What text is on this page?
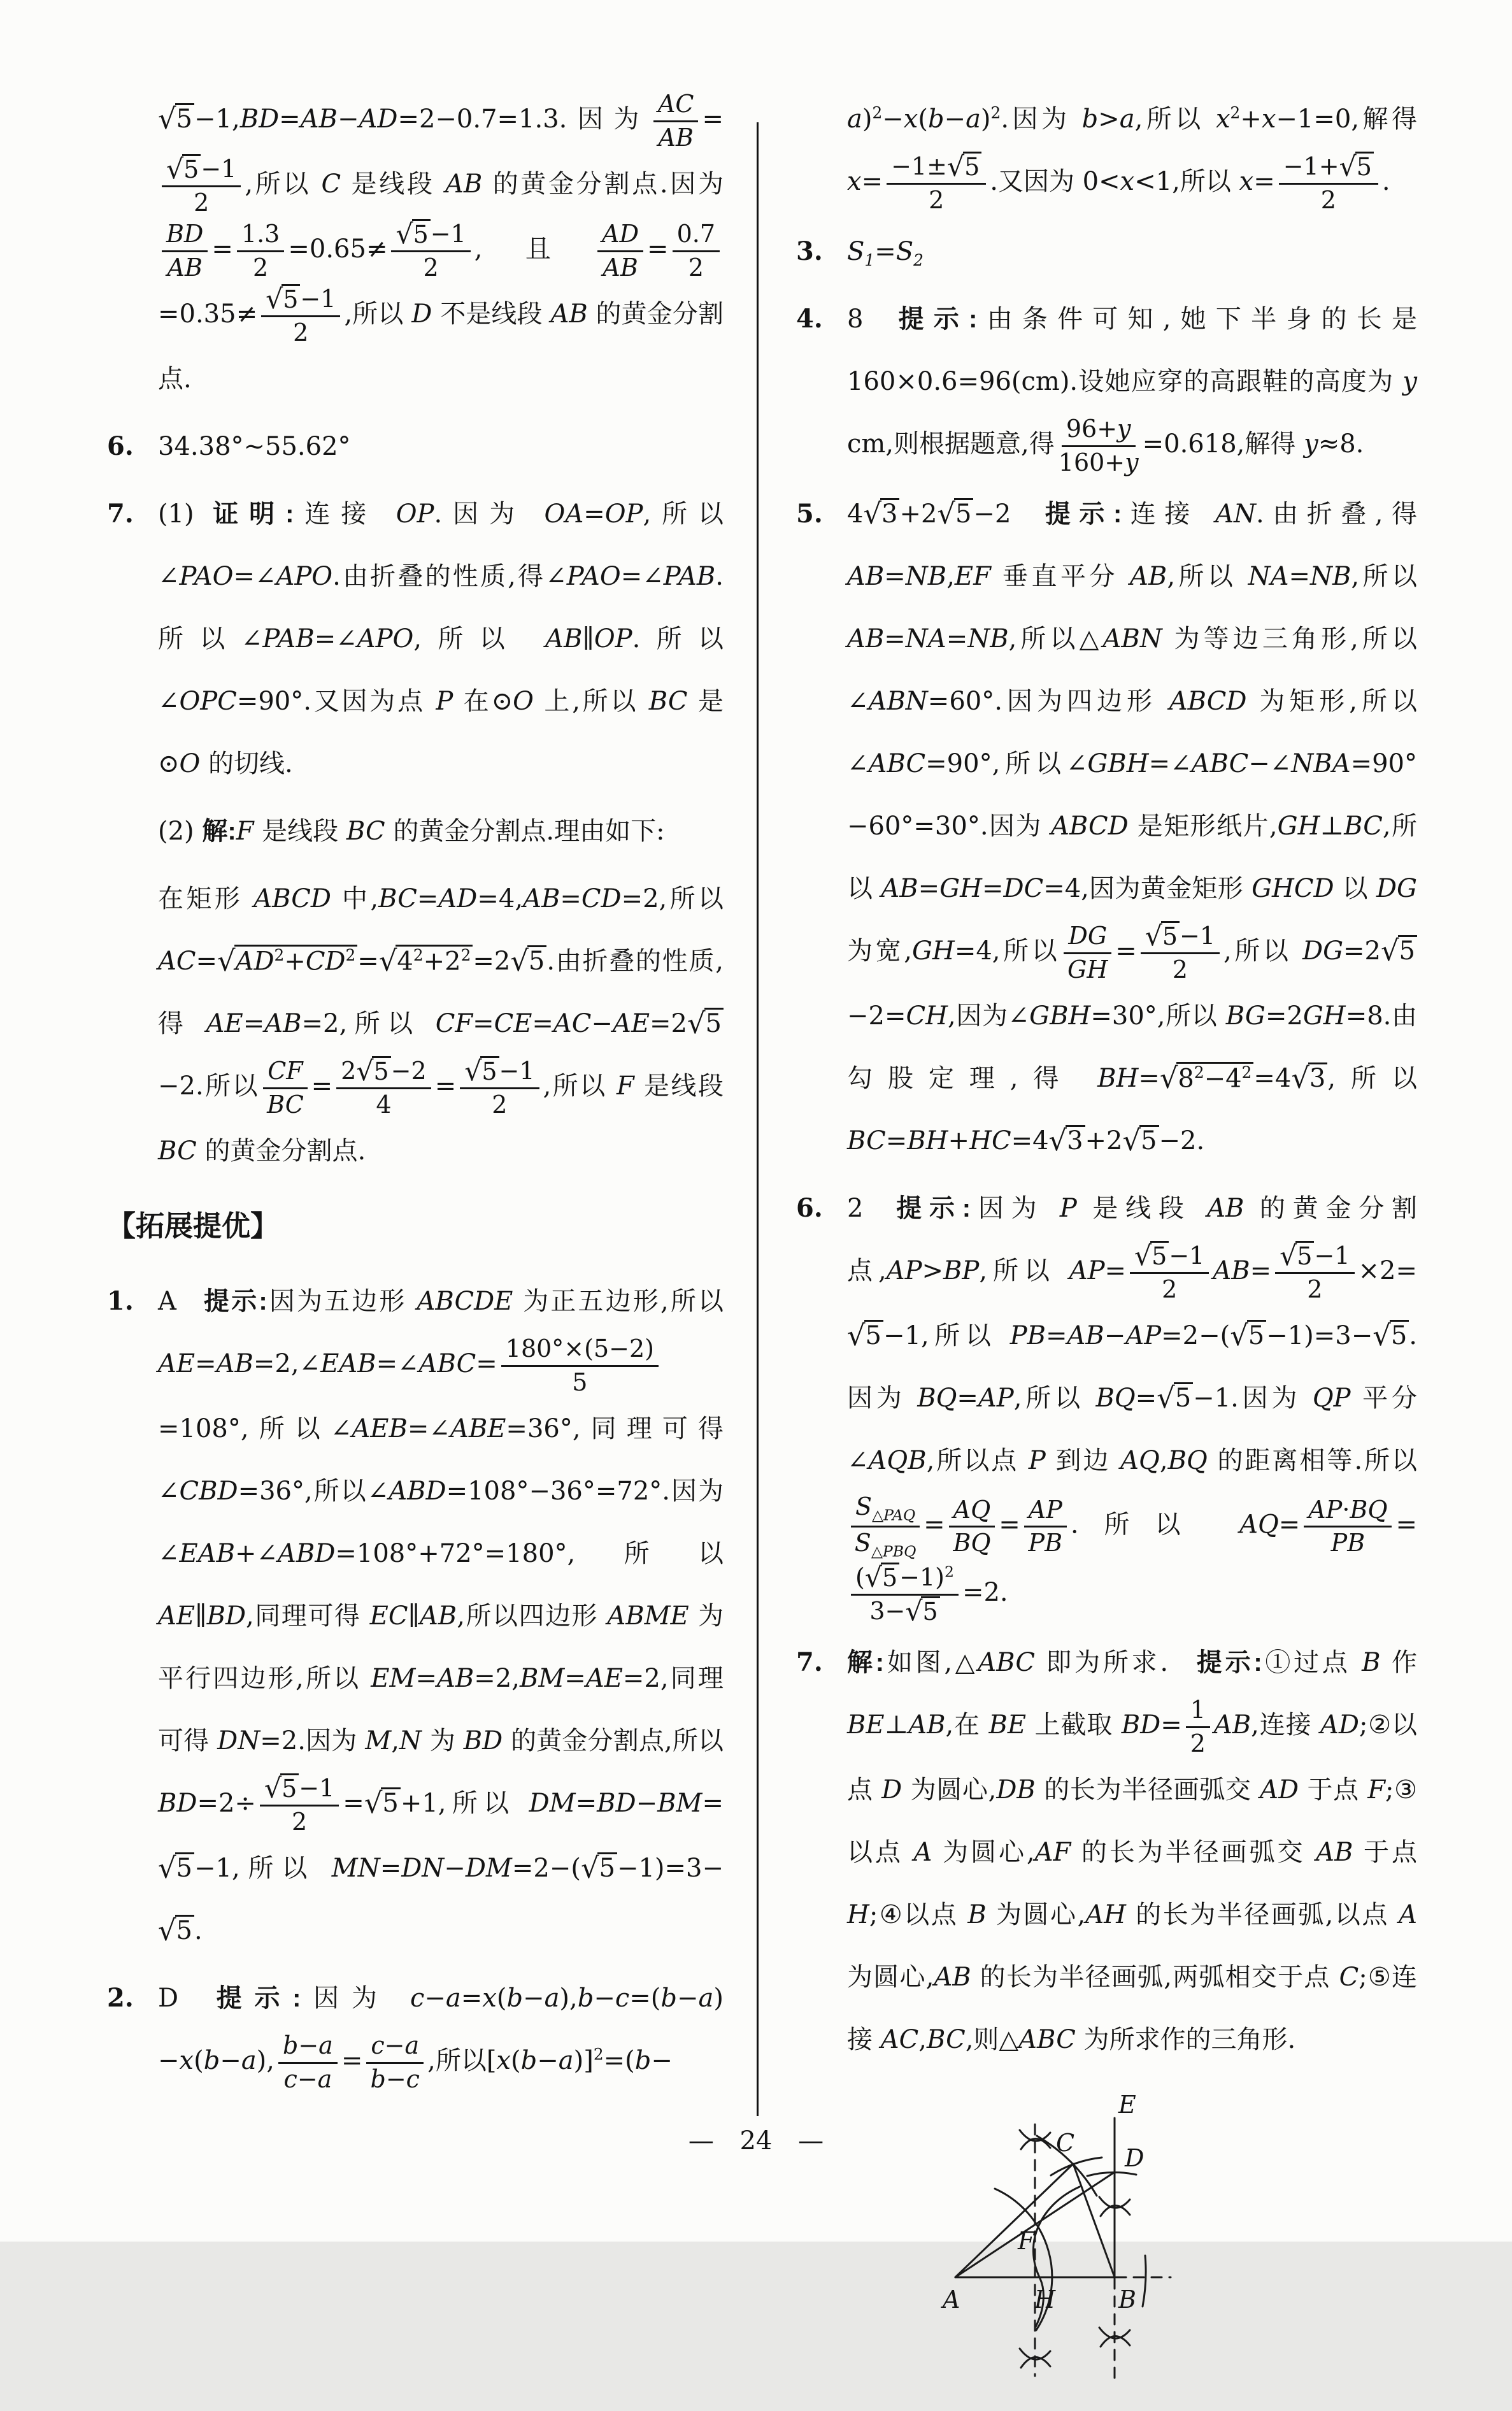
√ 5 −1,BD=AB−AD=2−0.7=1.3.因为 $\frac{AC}{AB}$ =
$\frac{√ 5 -1}{2}$ ,所以 C 是线段 AB 的黄金分割点.因为
$\frac{BD}{AB} = \frac{1.3}{2} =0.65\ne \frac{√ 5 -1}{2}$ ,且 $\frac{AD}{AB} = \frac{0.7}{2}$
$=0.35\ne \frac{√ 5 -1}{2}$ ,所以 D 不是线段 AB 的黄金分割点.
6. 34.38°~55.62°
7. (1) 证明:连接 OP.因为 OA=OP,所以∠PAO=∠APO.由折叠的性质,得∠PAO=∠PAB.所以∠PAB=∠APO,所以 AB∥OP.所以∠OPC=90°.又因为点 P 在⊙O 上,所以 BC 是⊙O 的切线.
(2) 解:F 是线段 BC 的黄金分割点.理由如下:
在矩形 ABCD 中,BC=AD=4,AB=CD=2,所以 AC= √ $AD^2+CD^2$ = √ $4^2+2^2 =2$ √ 5 .由折叠的性质,得 AE=AB=2,所以 CF=CE=AC−AE=2 √ 5
−2.所以 $\frac{CF}{BC} = \frac{2 √ 5 -2}{4} = \frac{√ 5 -1}{2}$ ,所以 F 是线段 BC 的黄金分割点.
【拓展提优】
1. A 提示:因为五边形 ABCDE 为正五边形,所以 AE=AB=2,∠EAB=∠ABC= $\frac{180^\circ\times(5-2)}{5}$
=108°,所以∠AEB=∠ABE=36°,同理可得∠CBD=36°,所以∠ABD=108°−36°=72°.因为∠EAB+∠ABD=108°+72°=180°,所以 AE∥BD,同理可得 EC∥AB,所以四边形 ABME 为平行四边形,所以 EM=AB=2,BM=AE=2,同理可得 DN=2.因为 M,N 为 BD 的黄金分割点,所以 $BD=2\div \frac{√ 5 -1}{2}$ = √ 5 +1,所以 DM=BD−BM=
√ 5 −1,所以 MN=DN−DM=2−( √ 5 −1)=3−
√ 5 .
2. D 提示:因为 c−a=x(b−a),b−c=(b−a)−x(b−a), $\frac{b-a}{c-a} = \frac{c-a}{b-c}$ ,所以$[x(b-a)]^2=(b-$
$a)^2-x(b-a)^2$.因为 b>a,所以 $x^2+x-1=0$,解得 $x= \frac{-1\pm √ 5}{2}$ .又因为 0<x<1,所以 $x= \frac{-1+ √ 5}{2}$ .
3. $S_1=S_2$
4. 8 提示:由条件可知,她下半身的长是 160×0.6=96(cm).设她应穿的高跟鞋的高度为 y cm,则根据题意,得 $\frac{96+y}{160+y} =0.618$,解得 y≈8.
5. 4 √ 3 +2 √ 5 −2 提示:连接 AN.由折叠,得 AB=NB,EF 垂直平分 AB,所以 NA=NB,所以 AB=NA=NB,所以△ABN 为等边三角形,所以∠ABN=60°.因为四边形 ABCD 为矩形,所以∠ABC=90°,所以∠GBH=∠ABC−∠NBA=90°−60°=30°.因为 ABCD 是矩形纸片,GH⊥BC,所以 AB=GH=DC=4,因为黄金矩形 GHCD 以 DG 为宽,GH=4,所以 $\frac{DG}{GH} = \frac{√ 5 -1}{2}$ ,所以 DG=2 √ 5
−2=CH,因为∠GBH=30°,所以 BG=2GH=8.由勾股定理,得 BH= √ $8^2-4^2 =4$ √ 3 ,所以 BC=BH+HC=4 √ 3 +2 √ 5 −2.
6. 2 提示:因为 P 是线段 AB 的黄金分割点,AP>BP,所以 $AP= \frac{√ 5 -1}{2} AB= \frac{√ 5 -1}{2} \times 2=$
√ 5 −1,所以 PB=AB−AP=2−( √ 5 −1)=3− √ 5 .因为 BQ=AP,所以 BQ= √ 5 −1.因为 QP 平分∠AQB,所以点 P 到边 AQ,BQ 的距离相等.所以
$\frac{S_{\triangle PAQ}}{S_{\triangle PBQ}} = \frac{AQ}{BQ} = \frac{AP}{PB}$ .所以 $AQ= \frac{AP\cdot BQ}{PB}$ =
$\frac{( √ 5 -1)^2}{3- √ 5} =2$.
7. 解:如图,△ABC 即为所求. 提示:①过点 B 作 BE⊥AB,在 BE 上截取 $BD= \frac{1}{2}$ AB,连接 AD;②以点 D 为圆心,DB 的长为半径画弧交 AD 于点 F;③以点 A 为圆心,AF 的长为半径画弧交 AB 于点 H;④以点 B 为圆心,AH 的长为半径画弧,以点 A 为圆心,AB 的长为半径画弧,两弧相交于点 C;⑤连接 AC,BC,则△ABC 为所求作的三角形.
E
D
C
F
A	B
H
— 24 —
